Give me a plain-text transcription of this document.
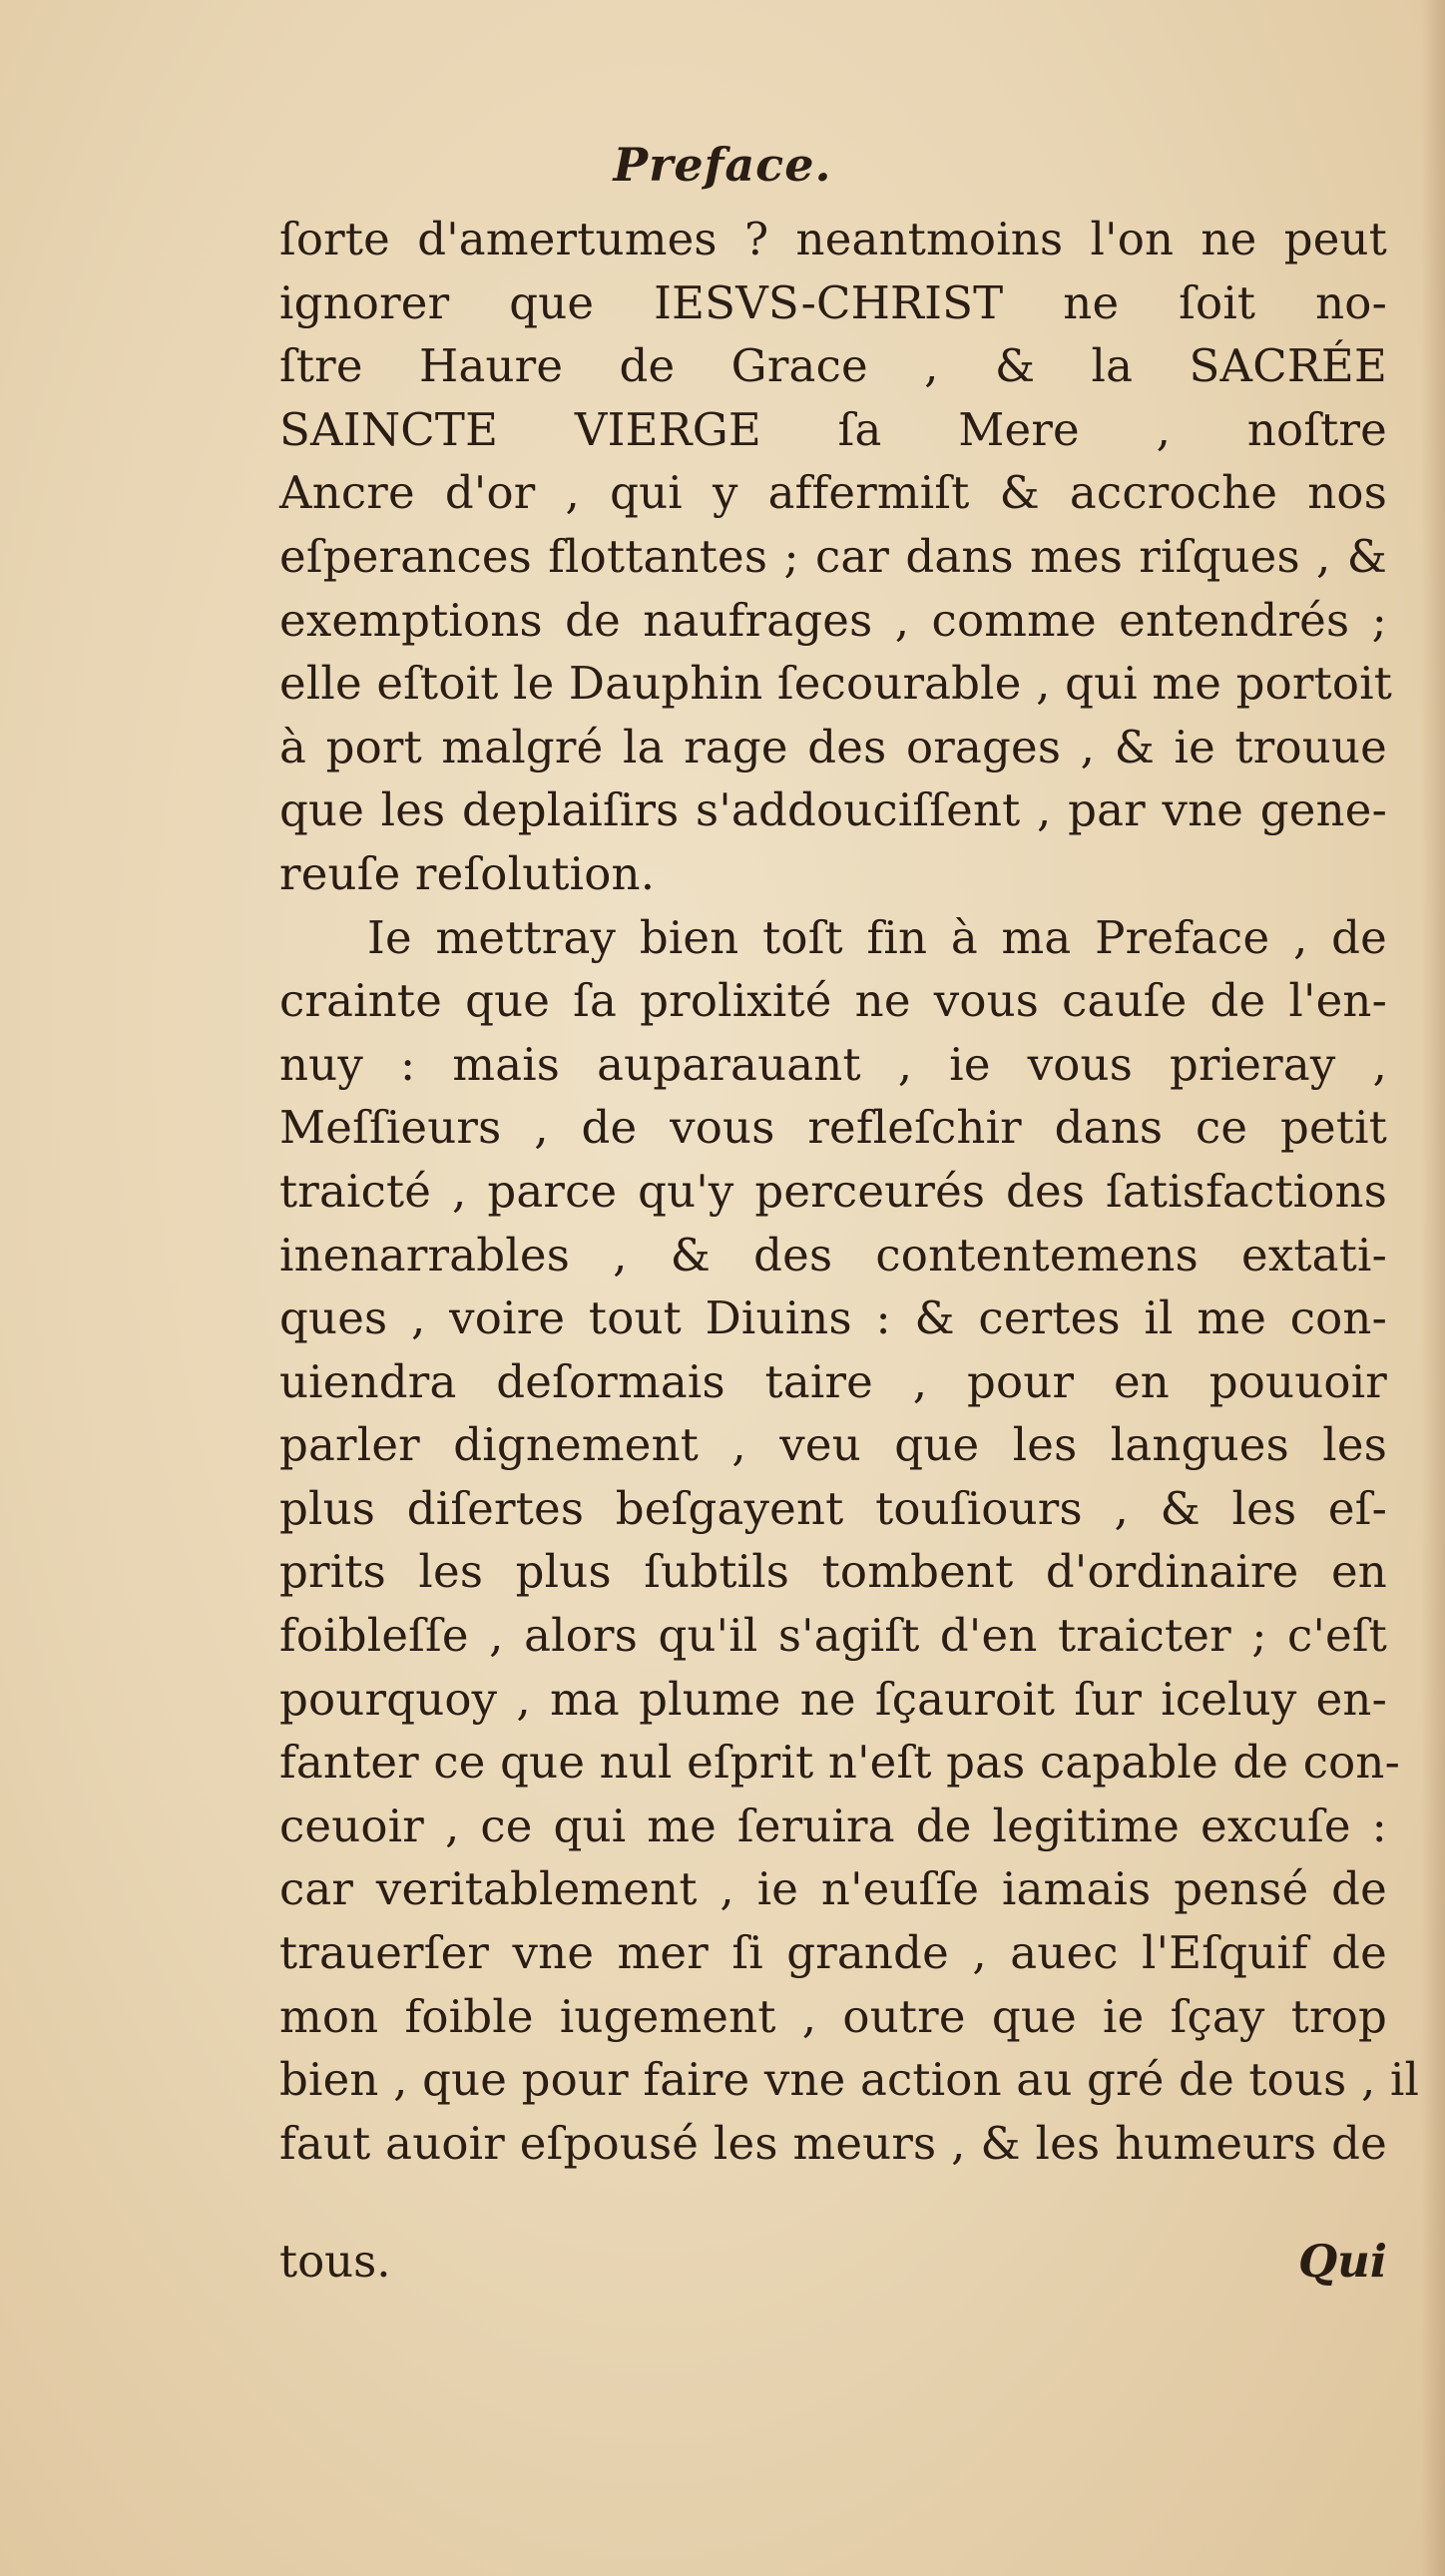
Preface.
ſorte d'amertumes ? neantmoins l'on ne peut
ignorer que IESVS-CHRIST ne ſoit no-
ſtre Haure de Grace , & la SACRÉE
SAINCTE VIERGE ſa Mere , noſtre
Ancre d'or , qui y affermiſt & accroche nos
eſperances flottantes ; car dans mes riſques , &
exemptions de naufrages , comme entendrés ;
elle eſtoit le Dauphin ſecourable , qui me portoit
à port malgré la rage des orages , & ie trouue
que les deplaiſirs s'addouciſſent , par vne gene-
reuſe reſolution.
Ie mettray bien toſt fin à ma Preface , de
crainte que ſa prolixité ne vous cauſe de l'en-
nuy : mais auparauant , ie vous prieray ,
Meſſieurs , de vous refleſchir dans ce petit
traicté , parce qu'y perceurés des ſatisfactions
inenarrables , & des contentemens extati-
ques , voire tout Diuins : & certes il me con-
uiendra deſormais taire , pour en pouuoir
parler dignement , veu que les langues les
plus diſertes beſgayent touſiours , & les eſ-
prits les plus ſubtils tombent d'ordinaire en
foibleſſe , alors qu'il s'agiſt d'en traicter ; c'eſt
pourquoy , ma plume ne ſçauroit ſur iceluy en-
fanter ce que nul eſprit n'eſt pas capable de con-
ceuoir , ce qui me ſeruira de legitime excuſe :
car veritablement , ie n'euſſe iamais pensé de
trauerſer vne mer ſi grande , auec l'Eſquif de
mon foible iugement , outre que ie ſçay trop
bien , que pour faire vne action au gré de tous , il
faut auoir eſpousé les meurs , & les humeurs de
tous.	Qui
